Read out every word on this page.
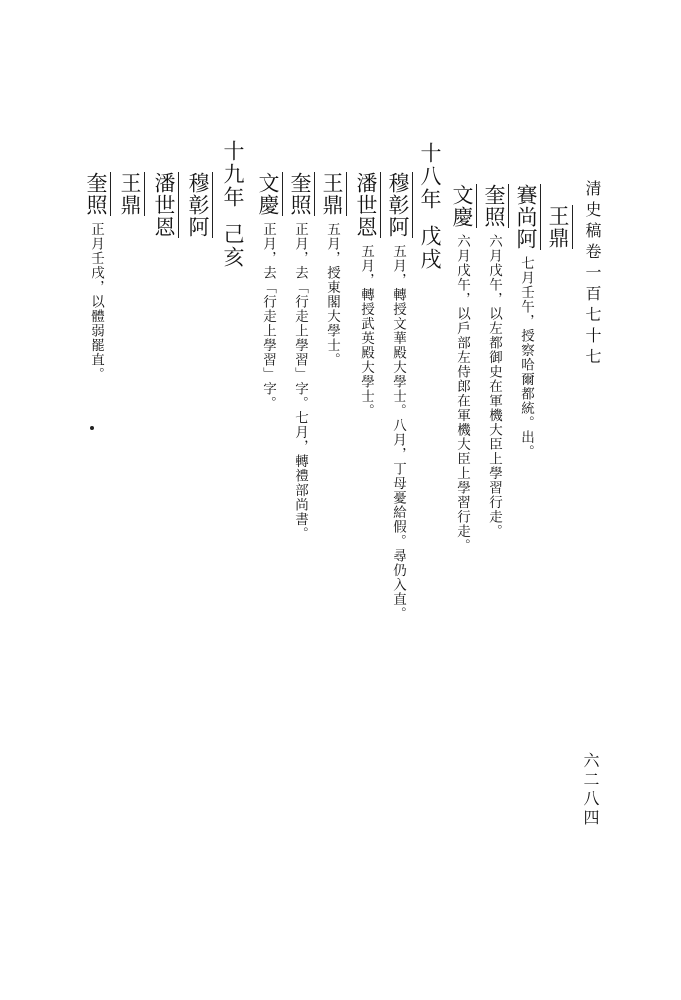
清史稿卷一百七十七
六二八四
王鼎
賽尚阿七月壬午，授察哈爾都統。出。
奎照六月戊午，以左都御史在軍機大臣上學習行走。
文慶六月戊午，以戶部左侍郎在軍機大臣上學習行走。
十八年戊戌
穆彰阿五月，轉授文華殿大學士。八月，丁母憂給假。尋仍入直。
潘世恩五月，轉授武英殿大學士。
王鼎五月，授東閣大學士。
奎照正月，去「行走上學習」字。七月，轉禮部尚書。
文慶正月，去「行走上學習」字。
十九年己亥
穆彰阿
潘世恩
王鼎
奎照正月壬戌，以體弱罷直。
